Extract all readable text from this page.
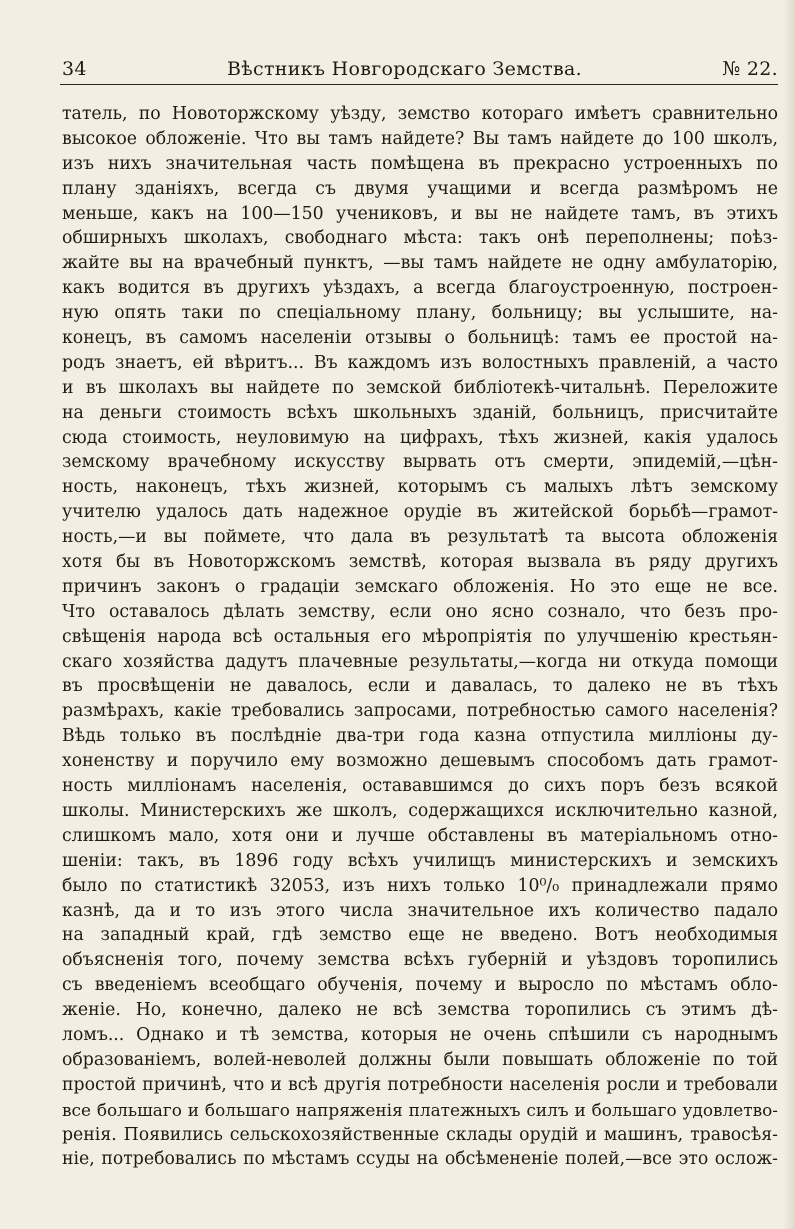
34	Вѣстникъ Новгородскаго Земства.	№ 22.
татель, по Новоторжскому уѣзду, земство котораго имѣетъ сравнительно
высокое обложеніе. Что вы тамъ найдете? Вы тамъ найдете до 100 школъ,
изъ нихъ значительная часть помѣщена въ прекрасно устроенныхъ по
плану зданіяхъ, всегда съ двумя учащими и всегда размѣромъ не
меньше, какъ на 100—150 учениковъ, и вы не найдете тамъ, въ этихъ
обширныхъ школахъ, свободнаго мѣста: такъ онѣ переполнены; поѣз-
жайте вы на врачебный пунктъ, —вы тамъ найдете не одну амбулаторію,
какъ водится въ другихъ уѣздахъ, а всегда благоустроенную, построен-
ную опять таки по спеціальному плану, больницу; вы услышите, на-
конецъ, въ самомъ населеніи отзывы о больницѣ: тамъ ее простой на-
родъ знаетъ, ей вѣритъ... Въ каждомъ изъ волостныхъ правленій, а часто
и въ школахъ вы найдете по земской библіотекѣ-читальнѣ. Переложите
на деньги стоимость всѣхъ школьныхъ зданій, больницъ, присчитайте
сюда стоимость, неуловимую на цифрахъ, тѣхъ жизней, какія удалось
земскому врачебному искусству вырвать отъ смерти, эпидемій,—цѣн-
ность, наконецъ, тѣхъ жизней, которымъ съ малыхъ лѣтъ земскому
учителю удалось дать надежное орудіе въ житейской борьбѣ—грамот-
ность,—и вы поймете, что дала въ результатѣ та высота обложенія
хотя бы въ Новоторжскомъ земствѣ, которая вызвала въ ряду другихъ
причинъ законъ о градаціи земскаго обложенія. Но это еще не все.
Что оставалось дѣлать земству, если оно ясно сознало, что безъ про-
свѣщенія народа всѣ остальныя его мѣропріятія по улучшенію крестьян-
скаго хозяйства дадутъ плачевные результаты,—когда ни откуда помощи
въ просвѣщеніи не давалось, если и давалась, то далеко не въ тѣхъ
размѣрахъ, какіе требовались запросами, потребностью самого населенія?
Вѣдь только въ послѣдніе два-три года казна отпустила милліоны ду-
хоненству и поручило ему возможно дешевымъ способомъ дать грамот-
ность милліонамъ населенія, остававшимся до сихъ поръ безъ всякой
школы. Министерскихъ же школъ, содержащихся исключительно казной,
слишкомъ мало, хотя они и лучше обставлены въ матеріальномъ отно-
шеніи: такъ, въ 1896 году всѣхъ училищъ министерскихъ и земскихъ
было по статистикѣ 32053, изъ нихъ только 10⁰/₀ принадлежали прямо
казнѣ, да и то изъ этого числа значительное ихъ количество падало
на западный край, гдѣ земство еще не введено. Вотъ необходимыя
объясненія того, почему земства всѣхъ губерній и уѣздовъ торопились
съ введеніемъ всеобщаго обученія, почему и выросло по мѣстамъ обло-
женіе. Но, конечно, далеко не всѣ земства торопились съ этимъ дѣ-
ломъ... Однако и тѣ земства, которыя не очень спѣшили съ народнымъ
образованіемъ, волей-неволей должны были повышать обложеніе по той
простой причинѣ, что и всѣ другія потребности населенія росли и требовали
все большаго и большаго напряженія платежныхъ силъ и большаго удовлетво-
ренія. Появились сельскохозяйственные склады орудій и машинъ, травосѣя-
ніе, потребовались по мѣстамъ ссуды на обсѣмененіе полей,—все это ослож-
